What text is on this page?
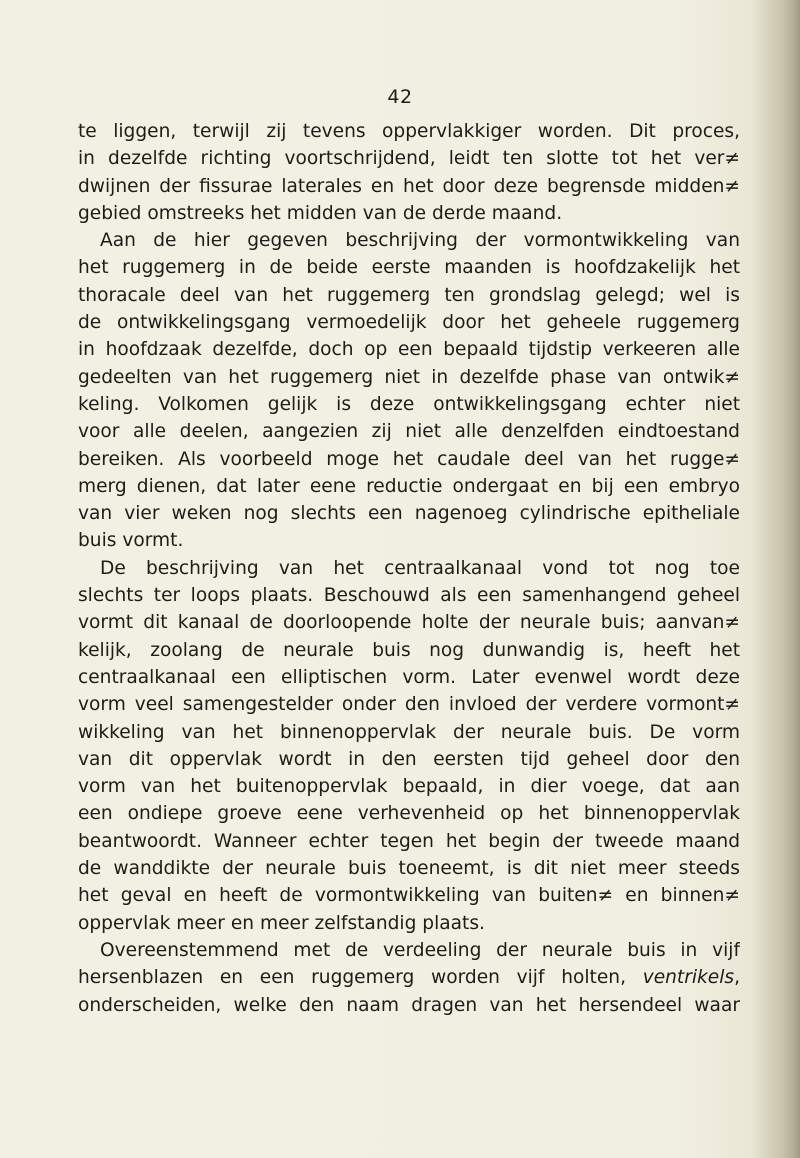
42
te liggen, terwijl zij tevens oppervlakkiger worden. Dit proces,
in dezelfde richting voortschrijdend, leidt ten slotte tot het ver≠
dwijnen der fissurae laterales en het door deze begrensde midden≠
gebied omstreeks het midden van de derde maand.
Aan de hier gegeven beschrijving der vormontwikkeling van
het ruggemerg in de beide eerste maanden is hoofdzakelijk het
thoracale deel van het ruggemerg ten grondslag gelegd; wel is
de ontwikkelingsgang vermoedelijk door het geheele ruggemerg
in hoofdzaak dezelfde, doch op een bepaald tijdstip verkeeren alle
gedeelten van het ruggemerg niet in dezelfde phase van ontwik≠
keling. Volkomen gelijk is deze ontwikkelingsgang echter niet
voor alle deelen, aangezien zij niet alle denzelfden eindtoestand
bereiken. Als voorbeeld moge het caudale deel van het rugge≠
merg dienen, dat later eene reductie ondergaat en bij een embryo
van vier weken nog slechts een nagenoeg cylindrische epitheliale
buis vormt.
De beschrijving van het centraalkanaal vond tot nog toe
slechts ter loops plaats. Beschouwd als een samenhangend geheel
vormt dit kanaal de doorloopende holte der neurale buis; aanvan≠
kelijk, zoolang de neurale buis nog dunwandig is, heeft het
centraalkanaal een elliptischen vorm. Later evenwel wordt deze
vorm veel samengestelder onder den invloed der verdere vormont≠
wikkeling van het binnenoppervlak der neurale buis. De vorm
van dit oppervlak wordt in den eersten tijd geheel door den
vorm van het buitenoppervlak bepaald, in dier voege, dat aan
een ondiepe groeve eene verhevenheid op het binnenoppervlak
beantwoordt. Wanneer echter tegen het begin der tweede maand
de wanddikte der neurale buis toeneemt, is dit niet meer steeds
het geval en heeft de vormontwikkeling van buiten≠ en binnen≠
oppervlak meer en meer zelfstandig plaats.
Overeenstemmend met de verdeeling der neurale buis in vijf
hersenblazen en een ruggemerg worden vijf holten, ventrikels,
onderscheiden, welke den naam dragen van het hersendeel waar
